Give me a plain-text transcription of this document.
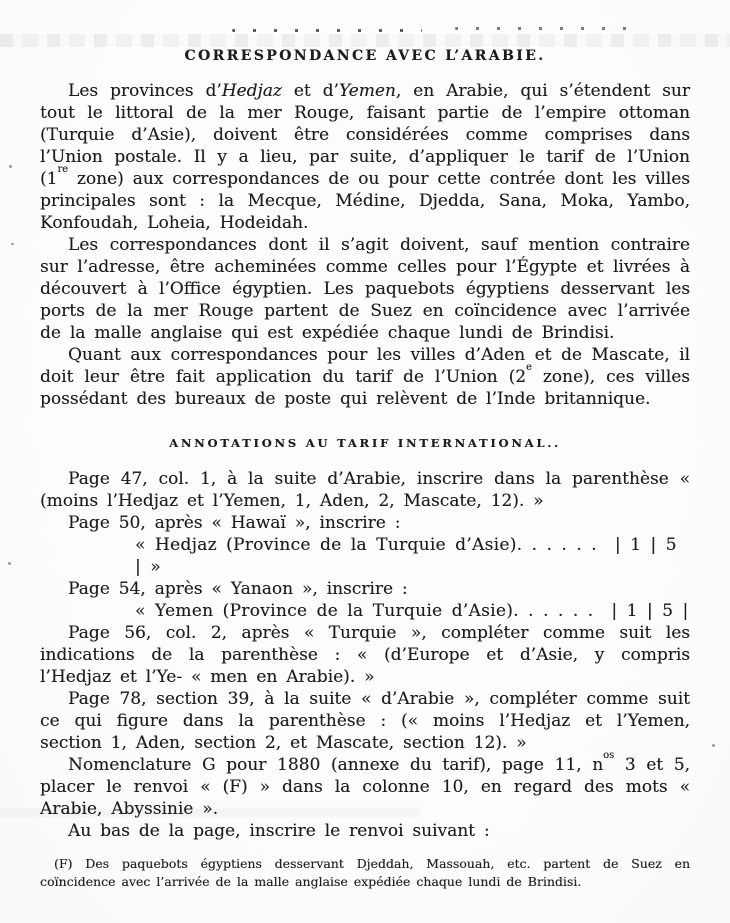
CORRESPONDANCE AVEC L’ARABIE.

Les provinces d’Hedjaz et d’Yemen, en Arabie, qui s’étendent sur tout le littoral de la mer Rouge, faisant partie de l’empire ottoman (Turquie d’Asie), doivent être considérées comme comprises dans l’Union postale. Il y a lieu, par suite, d’appliquer le tarif de l’Union (1re zone) aux correspondances de ou pour cette contrée dont les villes principales sont : la Mecque, Médine, Djedda, Sana, Moka, Yambo, Konfoudah, Loheia, Hodeidah.

Les correspondances dont il s’agit doivent, sauf mention contraire sur l’adresse, être acheminées comme celles pour l’Égypte et livrées à découvert à l’Office égyptien. Les paquebots égyptiens desservant les ports de la mer Rouge partent de Suez en coïncidence avec l’arrivée de la malle anglaise qui est expédiée chaque lundi de Brindisi.

Quant aux correspondances pour les villes d’Aden et de Mascate, il doit leur être fait application du tarif de l’Union (2e zone), ces villes possédant des bureaux de poste qui relèvent de l’Inde britannique.

ANNOTATIONS AU TARIF INTERNATIONAL..

Page 47, col. 1, à la suite d’Arabie, inscrire dans la parenthèse « (moins l’Hedjaz et l’Yemen, 1, Aden, 2, Mascate, 12). »

Page 50, après « Hawaï », inscrire :

« Hedjaz (Province de la Turquie d’Asie). . . . . .  | 1 | 5 | »

Page 54, après « Yanaon », inscrire :

« Yemen (Province de la Turquie d’Asie). . . . . .  | 1 | 5 |

Page 56, col. 2, après « Turquie », compléter comme suit les indications de la parenthèse : « (d’Europe et d’Asie, y compris l’Hedjaz et l’Ye- « men en Arabie). »

Page 78, section 39, à la suite « d’Arabie », compléter comme suit ce qui figure dans la parenthèse : (« moins l’Hedjaz et l’Yemen, section 1, Aden, section 2, et Mascate, section 12). »

Nomenclature G pour 1880 (annexe du tarif), page 11, $n^{os}$ 3 et 5, placer le renvoi « (F) » dans la colonne 10, en regard des mots « Arabie, Abyssinie ».

Au bas de la page, inscrire le renvoi suivant :

(F) Des paquebots égyptiens desservant Djeddah, Massouah, etc. partent de Suez en coïncidence avec l’arrivée de la malle anglaise expédiée chaque lundi de Brindisi.
